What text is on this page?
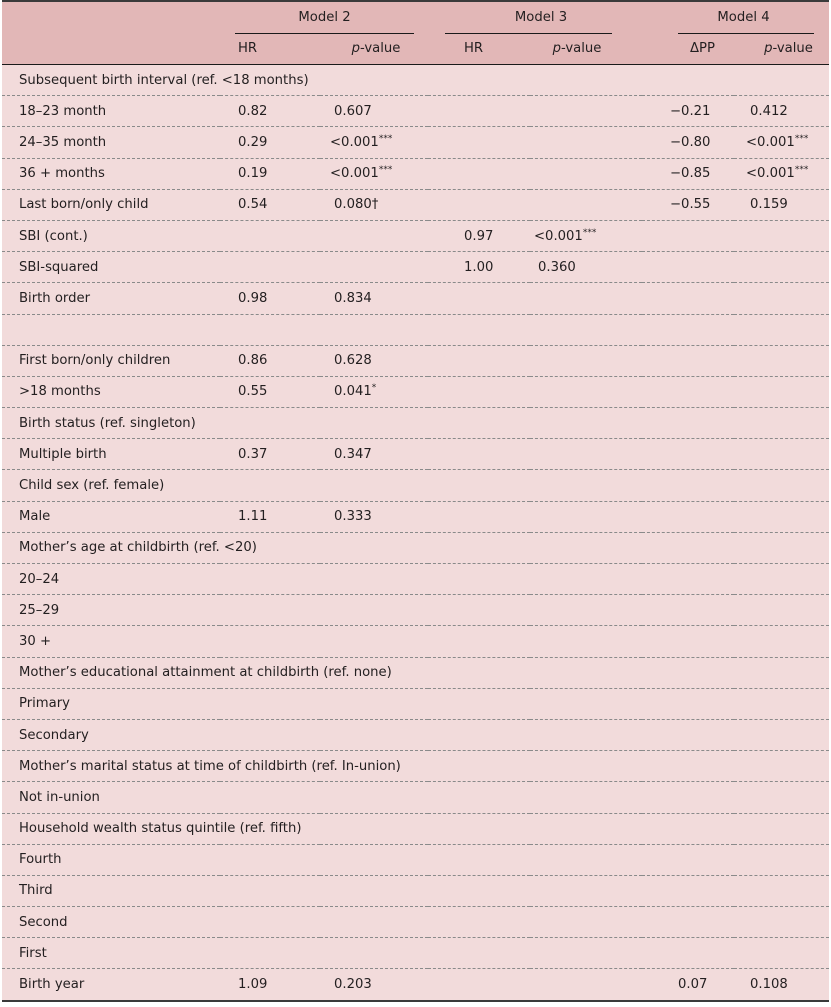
	Model 2		Model 3		Model 4	

	HR	p-value	HR	p-value	ΔPP	p-value
Subsequent birth interval (ref. <18 months)						
18–23 month	0.82	0.607			−0.21	0.412
24–35 month	0.29	<0.001***			−0.80	<0.001***
36 + months	0.19	<0.001***			−0.85	<0.001***
Last born/only child	0.54	0.080†			−0.55	0.159
SBI (cont.)			0.97	<0.001***		
SBI-squared			1.00	0.360		
Birth order	0.98	0.834				

First born/only children	0.86	0.628				
>18 months	0.55	0.041*				
Birth status (ref. singleton)						
Multiple birth	0.37	0.347				
Child sex (ref. female)						
Male	1.11	0.333				
Mother’s age at childbirth (ref. <20)						
20–24						
25–29						
30 +						
Mother’s educational attainment at childbirth (ref. none)						
Primary						
Secondary						
Mother’s marital status at time of childbirth (ref. In-union)						
Not in-union						
Household wealth status quintile (ref. fifth)						
Fourth						
Third						
Second						
First						
Birth year	1.09	0.203			0.07	0.108
